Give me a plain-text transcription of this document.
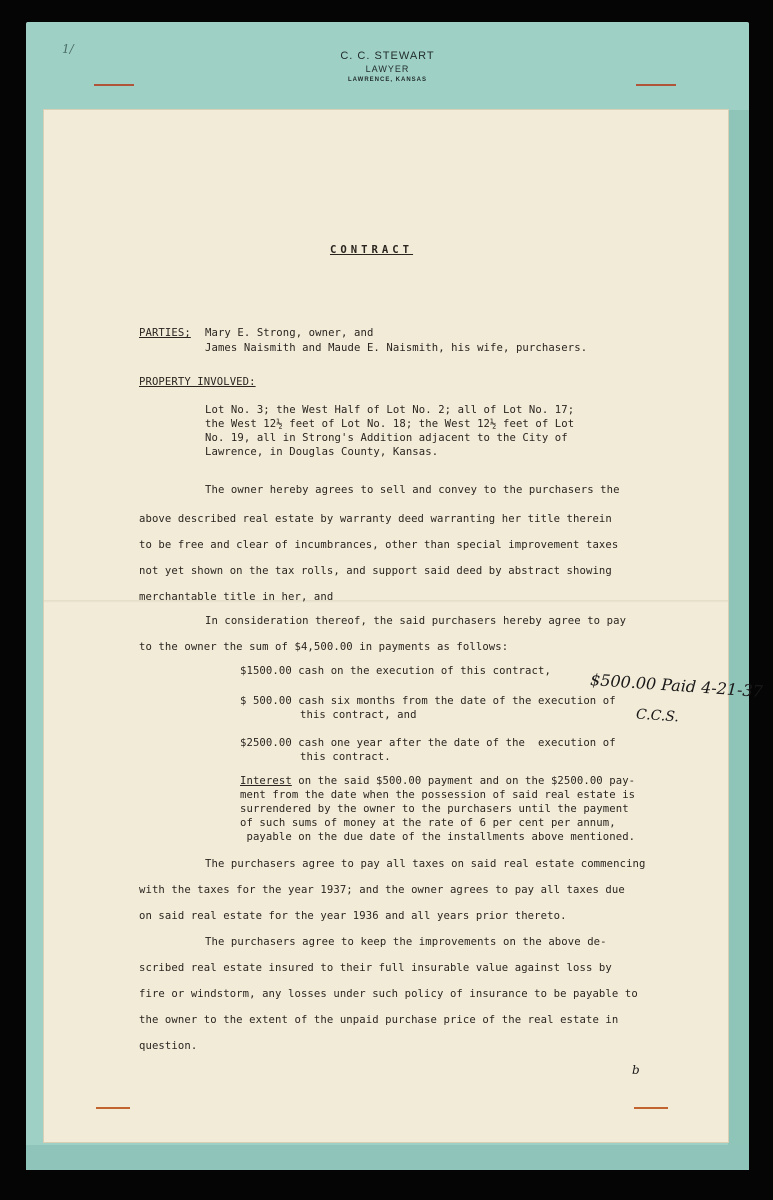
C. C. STEWART
LAWYER
LAWRENCE, KANSAS
1/
CONTRACT
PARTIES; Mary E. Strong, owner, and
James Naismith and Maude E. Naismith, his wife, purchasers.
PROPERTY INVOLVED:
Lot No. 3; the West Half of Lot No. 2; all of Lot No. 17;
the West 12½ feet of Lot No. 18; the West 12½ feet of Lot
No. 19, all in Strong's Addition adjacent to the City of
Lawrence, in Douglas County, Kansas.
The owner hereby agrees to sell and convey to the purchasers the
above described real estate by warranty deed warranting her title therein
to be free and clear of incumbrances, other than special improvement taxes
not yet shown on the tax rolls, and support said deed by abstract showing
merchantable title in her, and
In consideration thereof, the said purchasers hereby agree to pay
to the owner the sum of $4,500.00 in payments as follows:
$1500.00 cash on the execution of this contract,
$ 500.00 cash six months from the date of the execution of
this contract, and
$2500.00 cash one year after the date of the  execution of
this contract.
Interest on the said $500.00 payment and on the $2500.00 pay-
ment from the date when the possession of said real estate is
surrendered by the owner to the purchasers until the payment
of such sums of money at the rate of 6 per cent per annum,
payable on the due date of the installments above mentioned.
The purchasers agree to pay all taxes on said real estate commencing
with the taxes for the year 1937; and the owner agrees to pay all taxes due
on said real estate for the year 1936 and all years prior thereto.
The purchasers agree to keep the improvements on the above de-
scribed real estate insured to their full insurable value against loss by
fire or windstorm, any losses under such policy of insurance to be payable to
the owner to the extent of the unpaid purchase price of the real estate in
question.
$500.00 Paid 4-21-37
C.C.S.
b
